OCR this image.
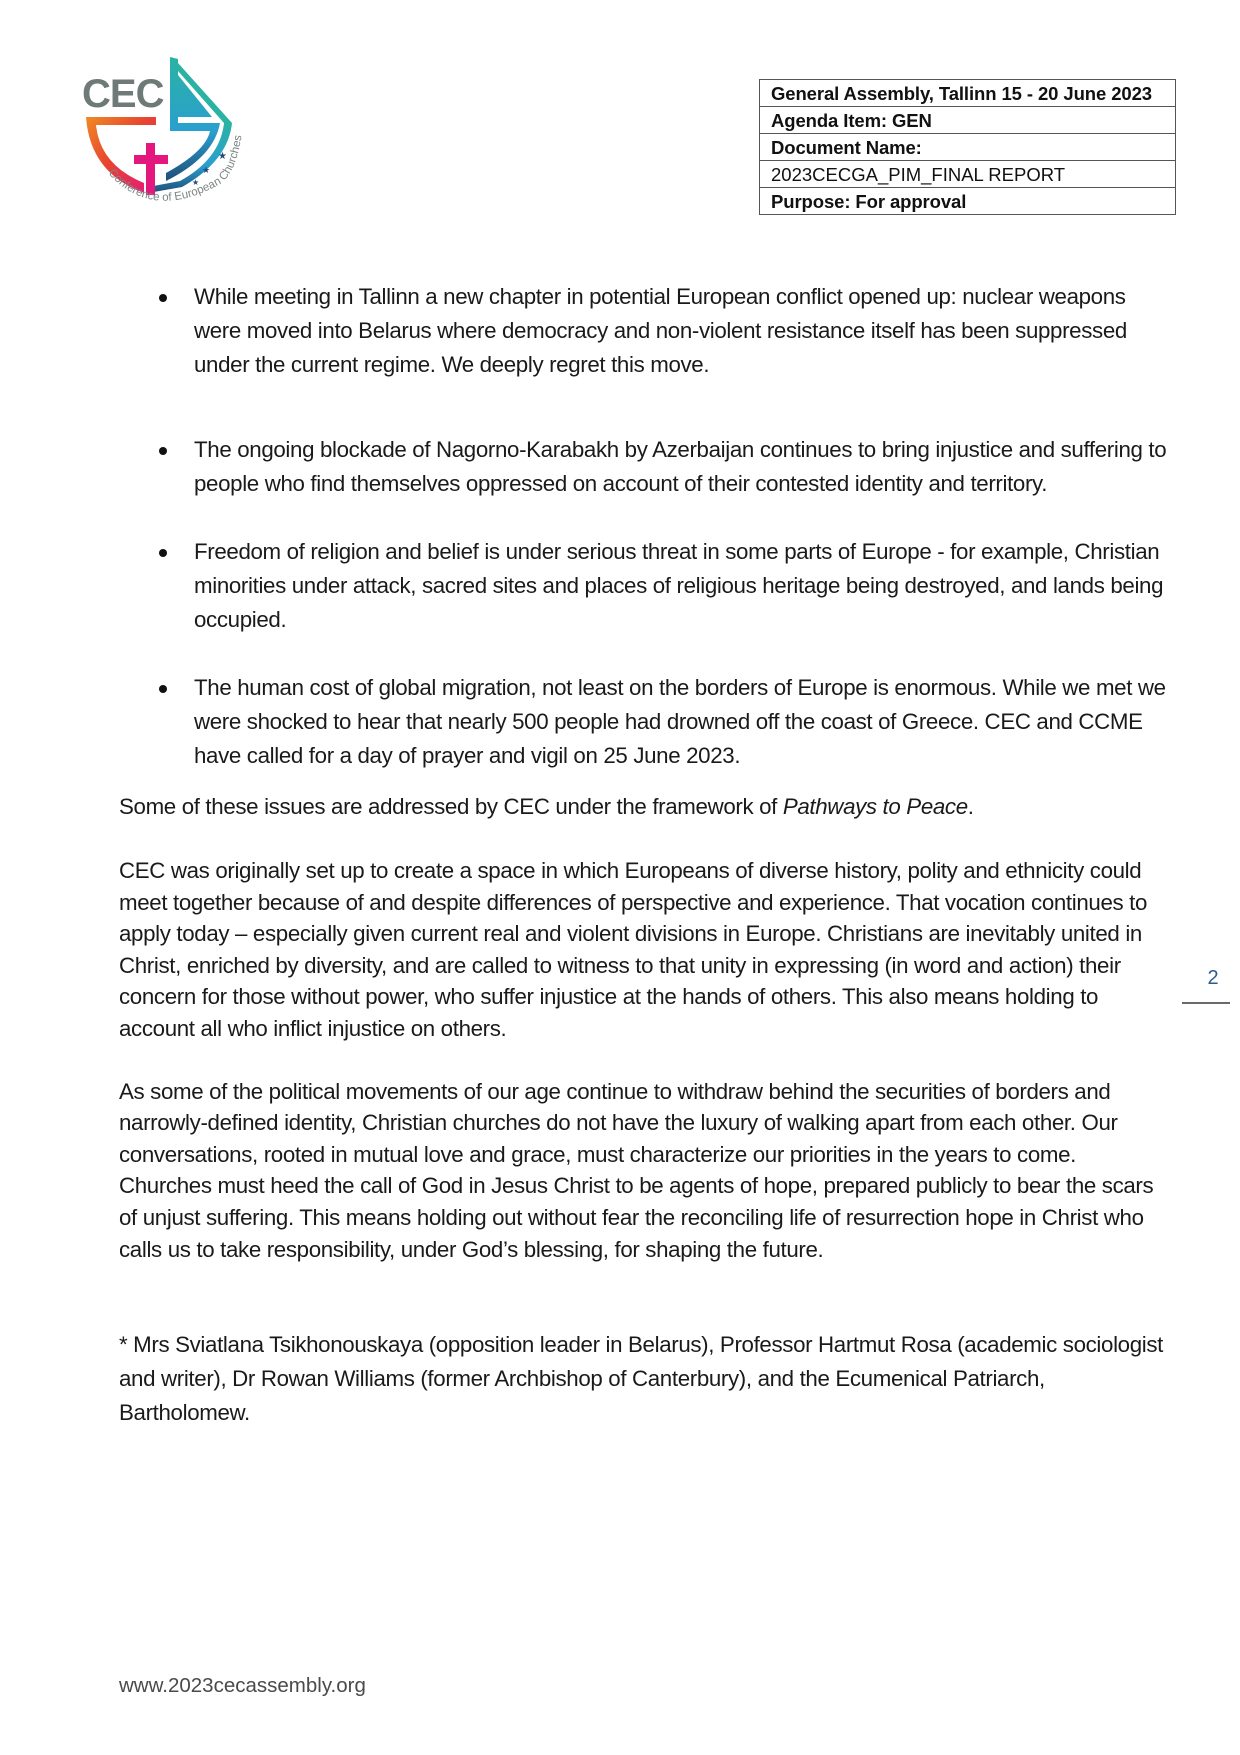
CEC
★
★
★
Conference of European Churches
General Assembly, Tallinn 15 - 20 June 2023
Agenda Item: GEN
Document Name:
2023CECGA_PIM_FINAL REPORT
Purpose: For approval
While meeting in Tallinn a new chapter in potential European conflict opened up: nuclear weapons were moved into Belarus where democracy and non-violent resistance itself has been suppressed under the current regime. We deeply regret this move.
The ongoing blockade of Nagorno-Karabakh by Azerbaijan continues to bring injustice and suffering to people who find themselves oppressed on account of their contested identity and territory.
Freedom of religion and belief is under serious threat in some parts of Europe - for example, Christian minorities under attack, sacred sites and places of religious heritage being destroyed, and lands being occupied.
The human cost of global migration, not least on the borders of Europe is enormous. While we met we were shocked to hear that nearly 500 people had drowned off the coast of Greece. CEC and CCME have called for a day of prayer and vigil on 25 June 2023.

Some of these issues are addressed by CEC under the framework of Pathways to Peace.

CEC was originally set up to create a space in which Europeans of diverse history, polity and ethnicity could meet together because of and despite differences of perspective and experience. That vocation continues to apply today – especially given current real and violent divisions in Europe. Christians are inevitably united in Christ, enriched by diversity, and are called to witness to that unity in expressing (in word and action) their concern for those without power, who suffer injustice at the hands of others. This also means holding to account all who inflict injustice on others.

As some of the political movements of our age continue to withdraw behind the securities of borders and narrowly-defined identity, Christian churches do not have the luxury of walking apart from each other. Our conversations, rooted in mutual love and grace, must characterize our priorities in the years to come. Churches must heed the call of God in Jesus Christ to be agents of hope, prepared publicly to bear the scars of unjust suffering. This means holding out without fear the reconciling life of resurrection hope in Christ who calls us to take responsibility, under God’s blessing, for shaping the future.

* Mrs Sviatlana Tsikhonouskaya (opposition leader in Belarus), Professor Hartmut Rosa (academic sociologist and writer), Dr Rowan Williams (former Archbishop of Canterbury), and the Ecumenical Patriarch, Bartholomew.

2
www.2023cecassembly.org
